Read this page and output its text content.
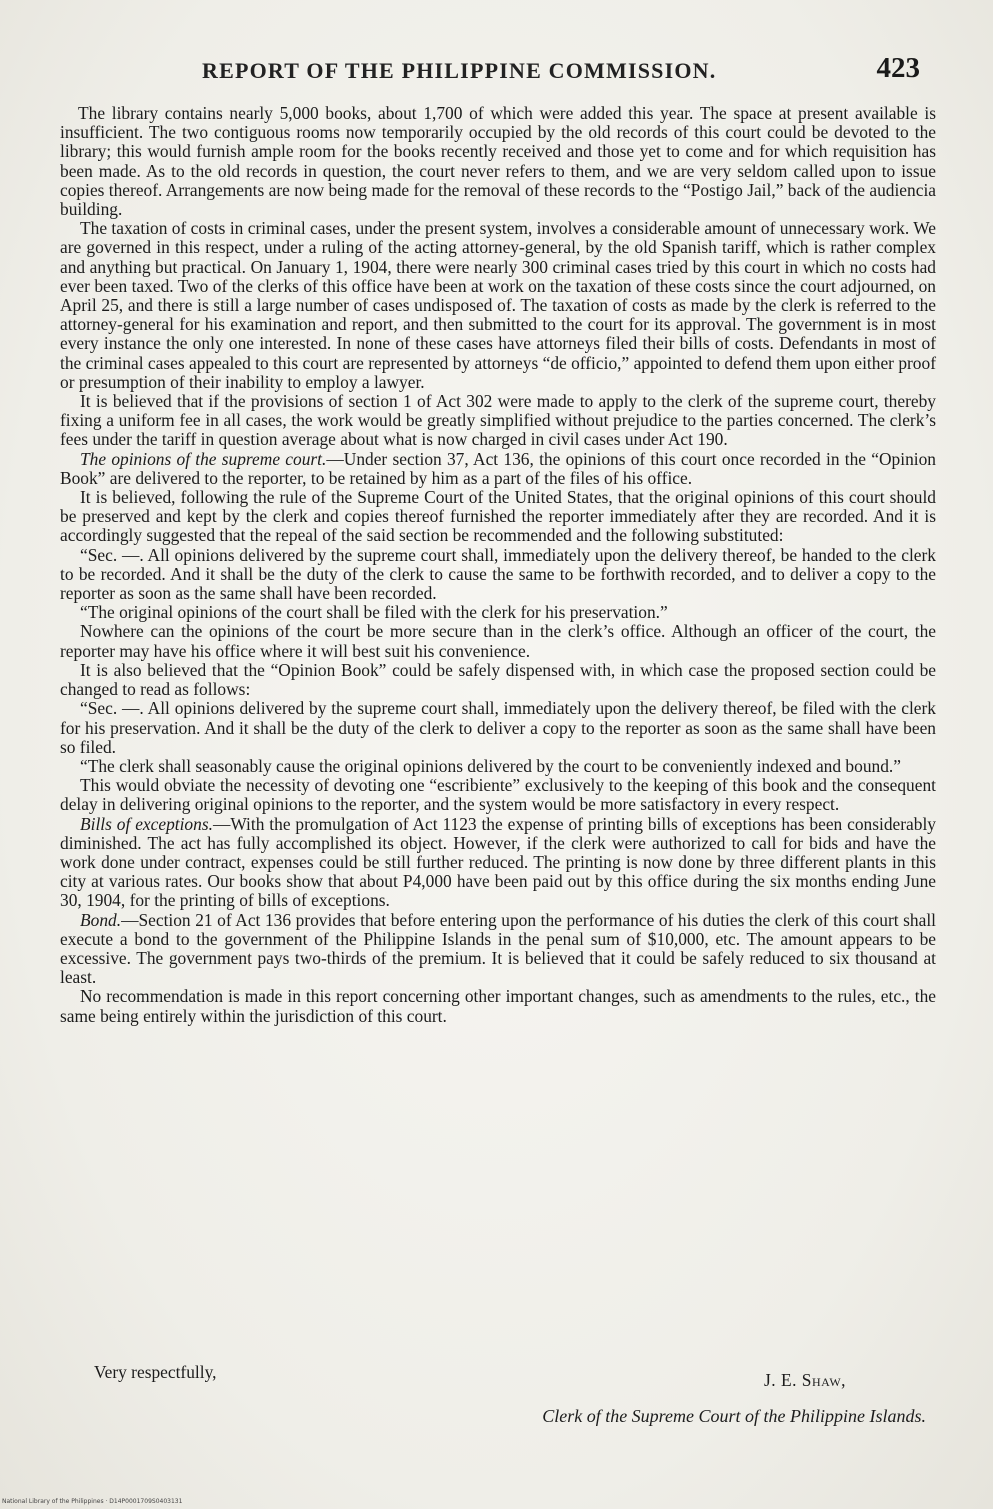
REPORT OF THE PHILIPPINE COMMISSION.	423

The library contains nearly 5,000 books, about 1,700 of which were added this year. The space at present available is insufficient. The two contiguous rooms now temporarily occupied by the old records of this court could be devoted to the library; this would furnish ample room for the books recently received and those yet to come and for which requisition has been made. As to the old records in question, the court never refers to them, and we are very seldom called upon to issue copies thereof. Arrangements are now being made for the removal of these records to the “Postigo Jail,” back of the audiencia building.

The taxation of costs in criminal cases, under the present system, involves a considerable amount of unnecessary work. We are governed in this respect, under a ruling of the acting attorney-general, by the old Spanish tariff, which is rather complex and anything but practical. On January 1, 1904, there were nearly 300 criminal cases tried by this court in which no costs had ever been taxed. Two of the clerks of this office have been at work on the taxation of these costs since the court adjourned, on April 25, and there is still a large number of cases undisposed of. The taxation of costs as made by the clerk is referred to the attorney-general for his examination and report, and then submitted to the court for its approval. The government is in most every instance the only one interested. In none of these cases have attorneys filed their bills of costs. Defendants in most of the criminal cases appealed to this court are represented by attorneys “de officio,” appointed to defend them upon either proof or presumption of their inability to employ a lawyer.

It is believed that if the provisions of section 1 of Act 302 were made to apply to the clerk of the supreme court, thereby fixing a uniform fee in all cases, the work would be greatly simplified without prejudice to the parties concerned. The clerk’s fees under the tariff in question average about what is now charged in civil cases under Act 190.

The opinions of the supreme court.—Under section 37, Act 136, the opinions of this court once recorded in the “Opinion Book” are delivered to the reporter, to be retained by him as a part of the files of his office.

It is believed, following the rule of the Supreme Court of the United States, that the original opinions of this court should be preserved and kept by the clerk and copies thereof furnished the reporter immediately after they are recorded. And it is accordingly suggested that the repeal of the said section be recommended and the following substituted:

“Sec. —. All opinions delivered by the supreme court shall, immediately upon the delivery thereof, be handed to the clerk to be recorded. And it shall be the duty of the clerk to cause the same to be forthwith recorded, and to deliver a copy to the reporter as soon as the same shall have been recorded.

“The original opinions of the court shall be filed with the clerk for his preservation.”

Nowhere can the opinions of the court be more secure than in the clerk’s office. Although an officer of the court, the reporter may have his office where it will best suit his convenience.

It is also believed that the “Opinion Book” could be safely dispensed with, in which case the proposed section could be changed to read as follows:

“Sec. —. All opinions delivered by the supreme court shall, immediately upon the delivery thereof, be filed with the clerk for his preservation. And it shall be the duty of the clerk to deliver a copy to the reporter as soon as the same shall have been so filed.

“The clerk shall seasonably cause the original opinions delivered by the court to be conveniently indexed and bound.”

This would obviate the necessity of devoting one “escribiente” exclusively to the keeping of this book and the consequent delay in delivering original opinions to the reporter, and the system would be more satisfactory in every respect.

Bills of exceptions.—With the promulgation of Act 1123 the expense of printing bills of exceptions has been considerably diminished. The act has fully accomplished its object. However, if the clerk were authorized to call for bids and have the work done under contract, expenses could be still further reduced. The printing is now done by three different plants in this city at various rates. Our books show that about P4,000 have been paid out by this office during the six months ending June 30, 1904, for the printing of bills of exceptions.

Bond.—Section 21 of Act 136 provides that before entering upon the performance of his duties the clerk of this court shall execute a bond to the government of the Philippine Islands in the penal sum of $10,000, etc. The amount appears to be excessive. The government pays two-thirds of the premium. It is believed that it could be safely reduced to six thousand at least.

No recommendation is made in this report concerning other important changes, such as amendments to the rules, etc., the same being entirely within the jurisdiction of this court.

Very respectfully,	J. E. Shaw,
Clerk of the Supreme Court of the Philippine Islands.
National Library of the Philippines · D14P0001709S0403131
